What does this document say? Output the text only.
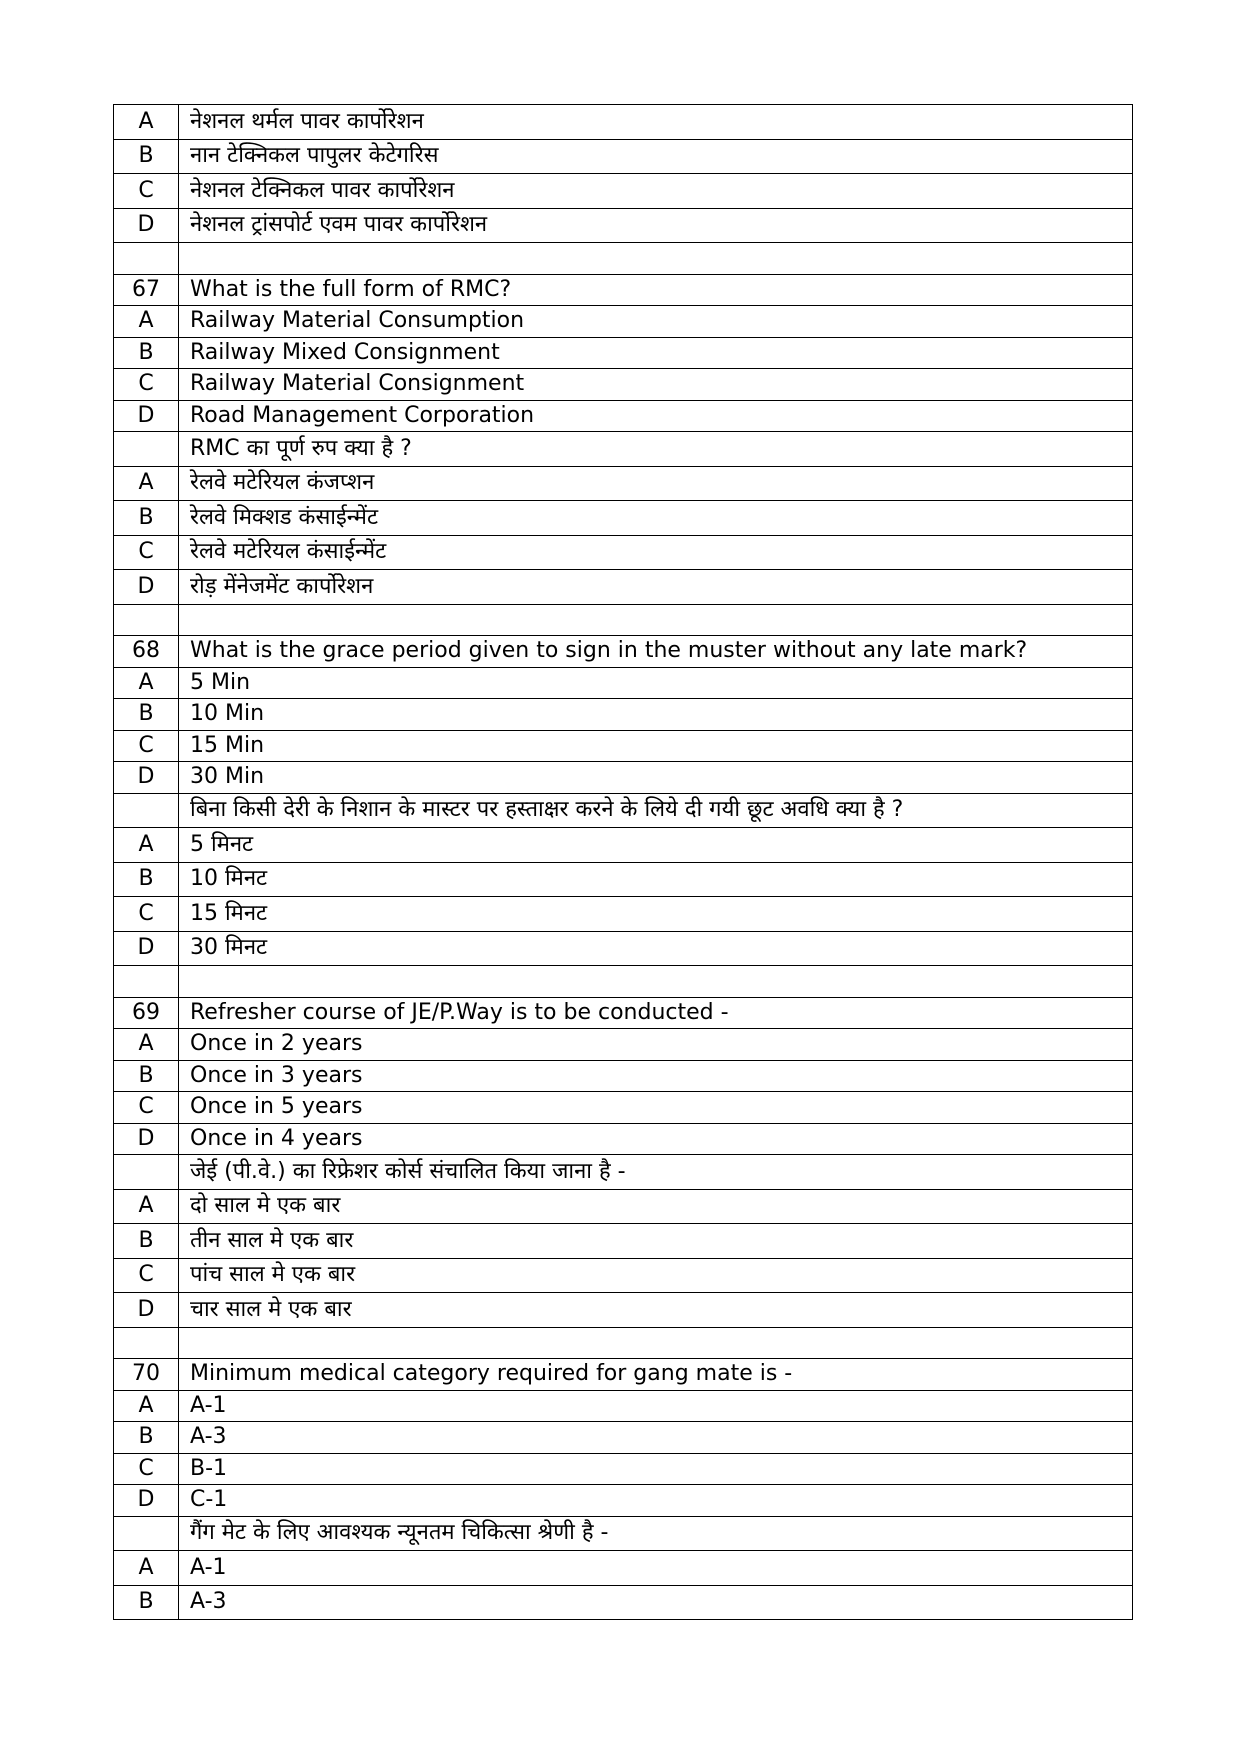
A	नेशनल थर्मल पावर कार्पोरेशन
B	नान टेक्निकल पापुलर केटेगरिस
C	नेशनल टेक्निकल पावर कार्पोरेशन
D	नेशनल ट्रांसपोर्ट एवम पावर कार्पोरेशन

67	What is the full form of RMC?
A	Railway Material Consumption
B	Railway Mixed Consignment
C	Railway Material Consignment
D	Road Management Corporation
	RMC का पूर्ण रुप क्या है ?
A	रेलवे मटेरियल कंजप्शन
B	रेलवे मिक्शड कंसाईन्मेंट
C	रेलवे मटेरियल कंसाईन्मेंट
D	रोड़ मेंनेजमेंट कार्पोरेशन

68	What is the grace period given to sign in the muster without any late mark?
A	5 Min
B	10 Min
C	15 Min
D	30 Min
	बिना किसी देरी के निशान के मास्टर पर हस्ताक्षर करने के लिये दी गयी छूट अवधि क्या है ?
A	5 मिनट
B	10 मिनट
C	15 मिनट
D	30 मिनट

69	Refresher course of JE/P.Way is to be conducted -
A	Once in 2 years
B	Once in 3 years
C	Once in 5 years
D	Once in 4 years
	जेई (पी.वे.) का रिफ्रेशर कोर्स संचालित किया जाना है -
A	दो साल मे एक बार
B	तीन साल मे एक बार
C	पांच साल मे एक बार
D	चार साल मे एक बार

70	Minimum medical category required for gang mate is -
A	A-1
B	A-3
C	B-1
D	C-1
	गैंग मेट के लिए आवश्यक न्यूनतम चिकित्सा श्रेणी है -
A	A-1
B	A-3
